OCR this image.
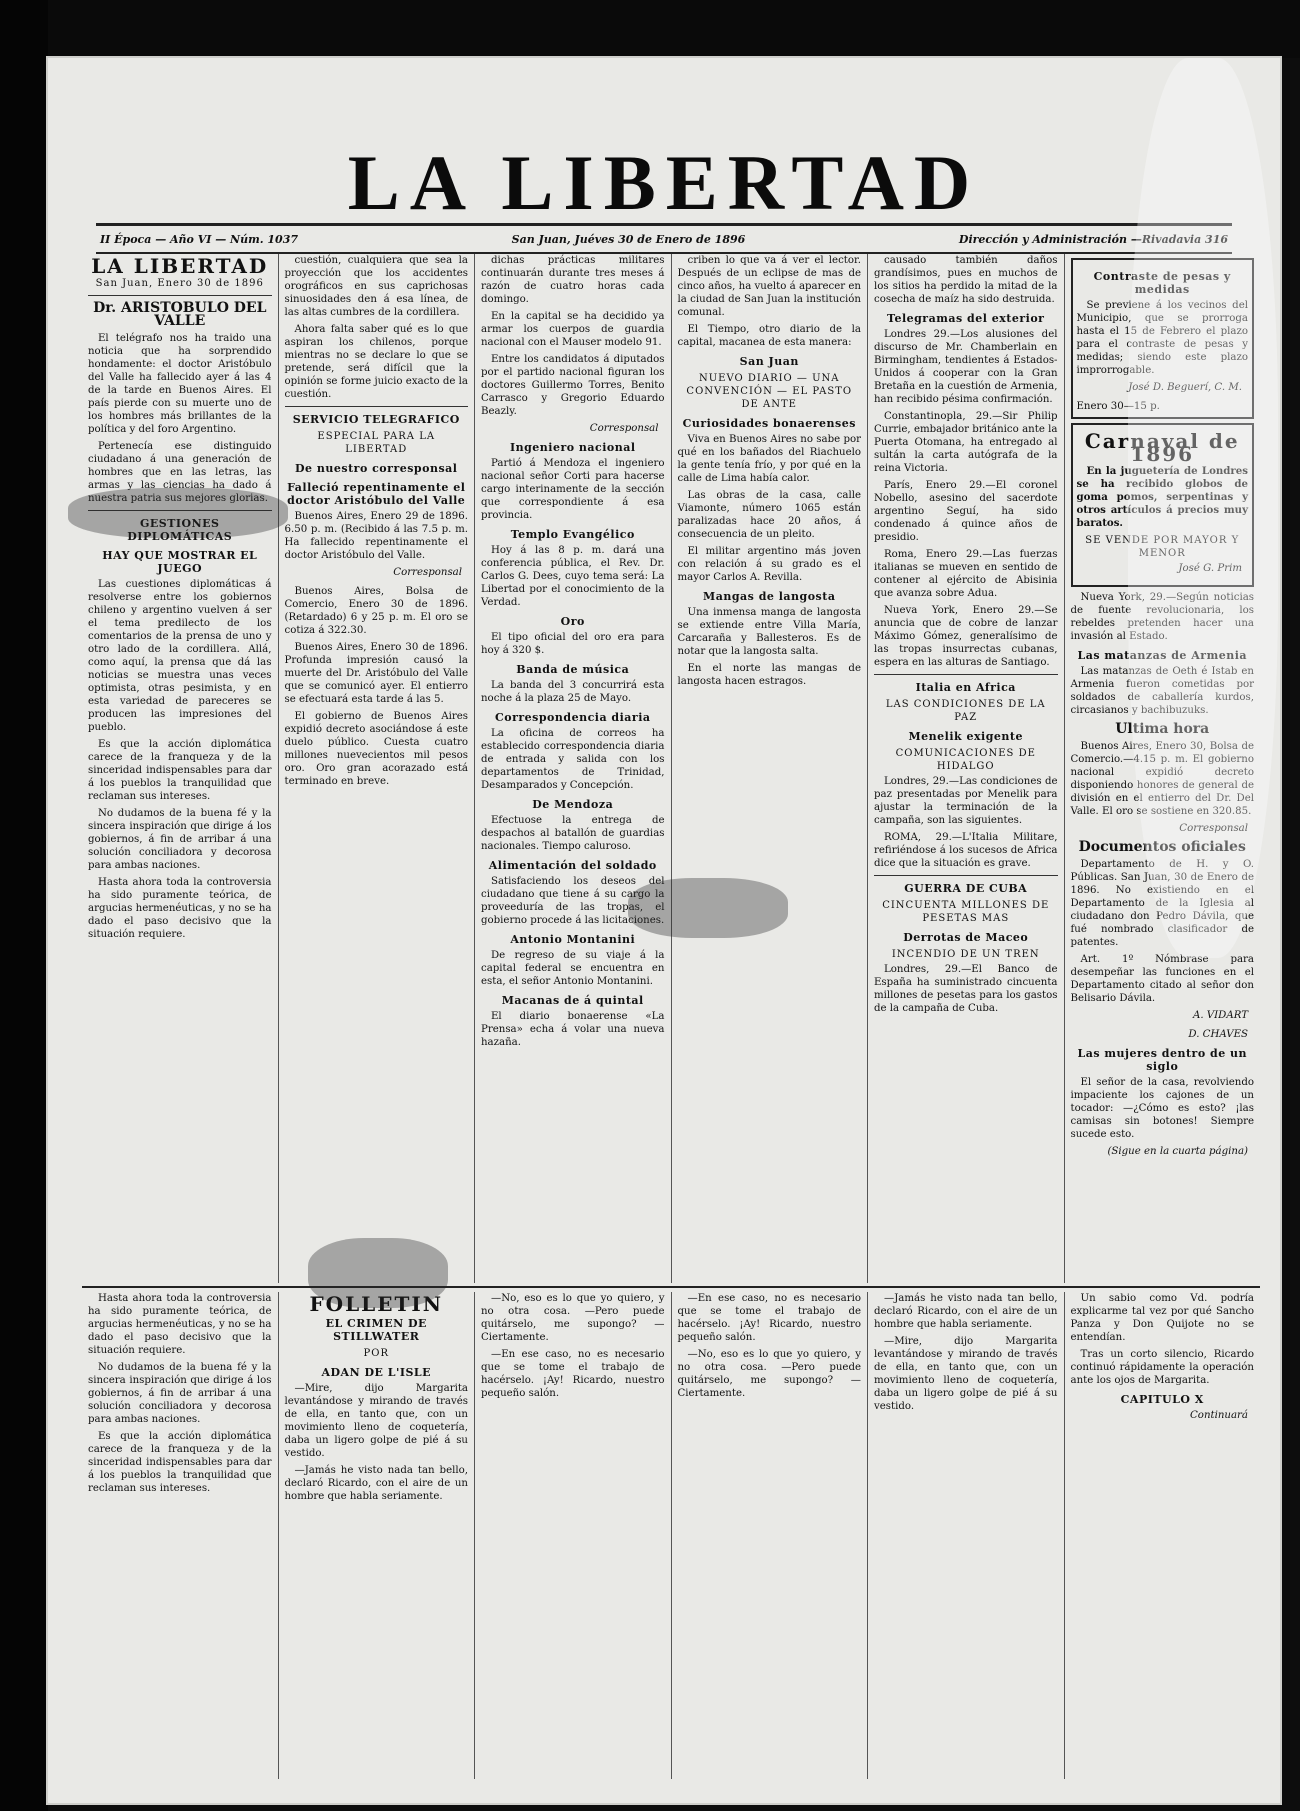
LA LIBERTAD
II Época — Año VI — Núm. 1037	San Juan, Juéves 30 de Enero de 1896	Dirección y Administración —Rivadavia 316
LA LIBERTAD
San Juan, Enero 30 de 1896
Dr. ARISTOBULO DEL VALLE

El telégrafo nos ha traido una noticia que ha sorprendido hondamente: el doctor Aristóbulo del Valle ha fallecido ayer á las 4 de la tarde en Buenos Aires. El país pierde con su muerte uno de los hombres más brillantes de la política y del foro Argentino.

Pertenecía ese distinguido ciudadano á una generación de hombres que en las letras, las armas y las ciencias ha dado á nuestra patria sus mejores glorias.

GESTIONES DIPLOMÁTICAS
HAY QUE MOSTRAR EL JUEGO

Las cuestiones diplomáticas á resolverse entre los gobiernos chileno y argentino vuelven á ser el tema predilecto de los comentarios de la prensa de uno y otro lado de la cordillera. Allá, como aquí, la prensa que dá las noticias se muestra unas veces optimista, otras pesimista, y en esta variedad de pareceres se producen las impresiones del pueblo.

Es que la acción diplomática carece de la franqueza y de la sinceridad indispensables para dar á los pueblos la tranquilidad que reclaman sus intereses.

No dudamos de la buena fé y la sincera inspiración que dirige á los gobiernos, á fin de arribar á una solución conciliadora y decorosa para ambas naciones.

Hasta ahora toda la controversia ha sido puramente teórica, de argucias hermenéuticas, y no se ha dado el paso decisivo que la situación requiere.

cuestión, cualquiera que sea la proyección que los accidentes orográficos en sus caprichosas sinuosidades den á esa línea, de las altas cumbres de la cordillera.

Ahora falta saber qué es lo que aspiran los chilenos, porque mientras no se declare lo que se pretende, será difícil que la opinión se forme juicio exacto de la cuestión.

SERVICIO TELEGRAFICO
ESPECIAL PARA LA LIBERTAD
De nuestro corresponsal
Falleció repentinamente el doctor Aristóbulo del Valle

Buenos Aires, Enero 29 de 1896. 6.50 p. m. (Recibido á las 7.5 p. m. Ha fallecido repentinamente el doctor Aristóbulo del Valle.

Corresponsal

Buenos Aires, Bolsa de Comercio, Enero 30 de 1896. (Retardado) 6 y 25 p. m. El oro se cotiza á 322.30.

Buenos Aires, Enero 30 de 1896. Profunda impresión causó la muerte del Dr. Aristóbulo del Valle que se comunicó ayer. El entierro se efectuará esta tarde á las 5.

El gobierno de Buenos Aires expidió decreto asociándose á este duelo público. Cuesta cuatro millones nuevecientos mil pesos oro. Oro gran acorazado está terminado en breve.

dichas prácticas militares continuarán durante tres meses á razón de cuatro horas cada domingo.

En la capital se ha decidido ya armar los cuerpos de guardia nacional con el Mauser modelo 91.

Entre los candidatos á diputados por el partido nacional figuran los doctores Guillermo Torres, Benito Carrasco y Gregorio Eduardo Beazly.

Corresponsal
Ingeniero nacional

Partió á Mendoza el ingeniero nacional señor Corti para hacerse cargo interinamente de la sección que correspondiente á esa provincia.

Templo Evangélico

Hoy á las 8 p. m. dará una conferencia pública, el Rev. Dr. Carlos G. Dees, cuyo tema será: La Libertad por el conocimiento de la Verdad.

Oro

El tipo oficial del oro era para hoy á 320 $.

Banda de música

La banda del 3 concurrirá esta noche á la plaza 25 de Mayo.

Correspondencia diaria

La oficina de correos ha establecido correspondencia diaria de entrada y salida con los departamentos de Trinidad, Desamparados y Concepción.

De Mendoza

Efectuose la entrega de despachos al batallón de guardias nacionales. Tiempo caluroso.

Alimentación del soldado

Satisfaciendo los deseos del ciudadano que tiene á su cargo la proveeduría de las tropas, el gobierno procede á las licitaciones.

Antonio Montanini

De regreso de su viaje á la capital federal se encuentra en esta, el señor Antonio Montanini.

Macanas de á quintal

El diario bonaerense «La Prensa» echa á volar una nueva hazaña.

criben lo que va á ver el lector. Después de un eclipse de mas de cinco años, ha vuelto á aparecer en la ciudad de San Juan la institución comunal.

El Tiempo, otro diario de la capital, macanea de esta manera:

San Juan
NUEVO DIARIO — UNA CONVENCIÓN — EL PASTO DE ANTE
Curiosidades bonaerenses

Viva en Buenos Aires no sabe por qué en los bañados del Riachuelo la gente tenía frío, y por qué en la calle de Lima había calor.

Las obras de la casa, calle Viamonte, número 1065 están paralizadas hace 20 años, á consecuencia de un pleito.

El militar argentino más joven con relación á su grado es el mayor Carlos A. Revilla.

Mangas de langosta

Una inmensa manga de langosta se extiende entre Villa María, Carcaraña y Ballesteros. Es de notar que la langosta salta.

En el norte las mangas de langosta hacen estragos.

causado también daños grandísimos, pues en muchos de los sitios ha perdido la mitad de la cosecha de maíz ha sido destruida.

Telegramas del exterior

Londres 29.—Los alusiones del discurso de Mr. Chamberlain en Birmingham, tendientes á Estados-Unidos á cooperar con la Gran Bretaña en la cuestión de Armenia, han recibido pésima confirmación.

Constantinopla, 29.—Sir Philip Currie, embajador británico ante la Puerta Otomana, ha entregado al sultán la carta autógrafa de la reina Victoria.

París, Enero 29.—El coronel Nobello, asesino del sacerdote argentino Seguí, ha sido condenado á quince años de presidio.

Roma, Enero 29.—Las fuerzas italianas se mueven en sentido de contener al ejército de Abisinia que avanza sobre Adua.

Nueva York, Enero 29.—Se anuncia que de cobre de lanzar Máximo Gómez, generalísimo de las tropas insurrectas cubanas, espera en las alturas de Santiago.

Italia en Africa
LAS CONDICIONES DE LA PAZ
Menelik exigente
COMUNICACIONES DE HIDALGO

Londres, 29.—Las condiciones de paz presentadas por Menelik para ajustar la terminación de la campaña, son las siguientes.

ROMA, 29.—L'Italia Militare, refiriéndose á los sucesos de Africa dice que la situación es grave.

GUERRA DE CUBA
CINCUENTA MILLONES DE PESETAS MAS
Derrotas de Maceo
INCENDIO DE UN TREN

Londres, 29.—El Banco de España ha suministrado cincuenta millones de pesetas para los gastos de la campaña de Cuba.

Contraste de pesas y medidas

Se previene á los vecinos del Municipio, que se prorroga hasta el 15 de Febrero el plazo para el contraste de pesas y medidas; siendo este plazo improrrogable.

José D. Beguerí, C. M.
Enero 30—15 p.
Carnaval de 1896

En la juguetería de Londres se ha recibido globos de goma pomos, serpentinas y otros artículos á precios muy baratos.

SE VENDE POR MAYOR Y MENOR
José G. Prim

Nueva York, 29.—Según noticias de fuente revolucionaria, los rebeldes pretenden hacer una invasión al Estado.

Las matanzas de Armenia

Las matanzas de Oeth é Istab en Armenia fueron cometidas por soldados de caballería kurdos, circasianos y bachibuzuks.

Ultima hora

Buenos Aires, Enero 30, Bolsa de Comercio.—4.15 p. m. El gobierno nacional expidió decreto disponiendo honores de general de división en el entierro del Dr. Del Valle. El oro se sostiene en 320.85.

Corresponsal
Documentos oficiales

Departamento de H. y O. Públicas. San Juan, 30 de Enero de 1896. No existiendo en el Departamento de la Iglesia al ciudadano don Pedro Dávila, que fué nombrado clasificador de patentes.

Art. 1º Nómbrase para desempeñar las funciones en el Departamento citado al señor don Belisario Dávila.

A. VIDART
D. CHAVES
Las mujeres dentro de un siglo

El señor de la casa, revolviendo impaciente los cajones de un tocador: —¿Cómo es esto? ¡las camisas sin botones! Siempre sucede esto.

(Sigue en la cuarta página)

Hasta ahora toda la controversia ha sido puramente teórica, de argucias hermenéuticas, y no se ha dado el paso decisivo que la situación requiere.

No dudamos de la buena fé y la sincera inspiración que dirige á los gobiernos, á fin de arribar á una solución conciliadora y decorosa para ambas naciones.

Es que la acción diplomática carece de la franqueza y de la sinceridad indispensables para dar á los pueblos la tranquilidad que reclaman sus intereses.

FOLLETIN
EL CRIMEN DE STILLWATER
POR
ADAN DE L'ISLE

—Mire, dijo Margarita levantándose y mirando de través de ella, en tanto que, con un movimiento lleno de coquetería, daba un ligero golpe de pié á su vestido.

—Jamás he visto nada tan bello, declaró Ricardo, con el aire de un hombre que habla seriamente.

—No, eso es lo que yo quiero, y no otra cosa. —Pero puede quitárselo, me supongo? —Ciertamente.

—En ese caso, no es necesario que se tome el trabajo de hacérselo. ¡Ay! Ricardo, nuestro pequeño salón.

—En ese caso, no es necesario que se tome el trabajo de hacérselo. ¡Ay! Ricardo, nuestro pequeño salón.

—No, eso es lo que yo quiero, y no otra cosa. —Pero puede quitárselo, me supongo? —Ciertamente.

—Jamás he visto nada tan bello, declaró Ricardo, con el aire de un hombre que habla seriamente.

—Mire, dijo Margarita levantándose y mirando de través de ella, en tanto que, con un movimiento lleno de coquetería, daba un ligero golpe de pié á su vestido.

Un sabio como Vd. podría explicarme tal vez por qué Sancho Panza y Don Quijote no se entendían.

Tras un corto silencio, Ricardo continuó rápidamente la operación ante los ojos de Margarita.

CAPITULO X
Continuará
